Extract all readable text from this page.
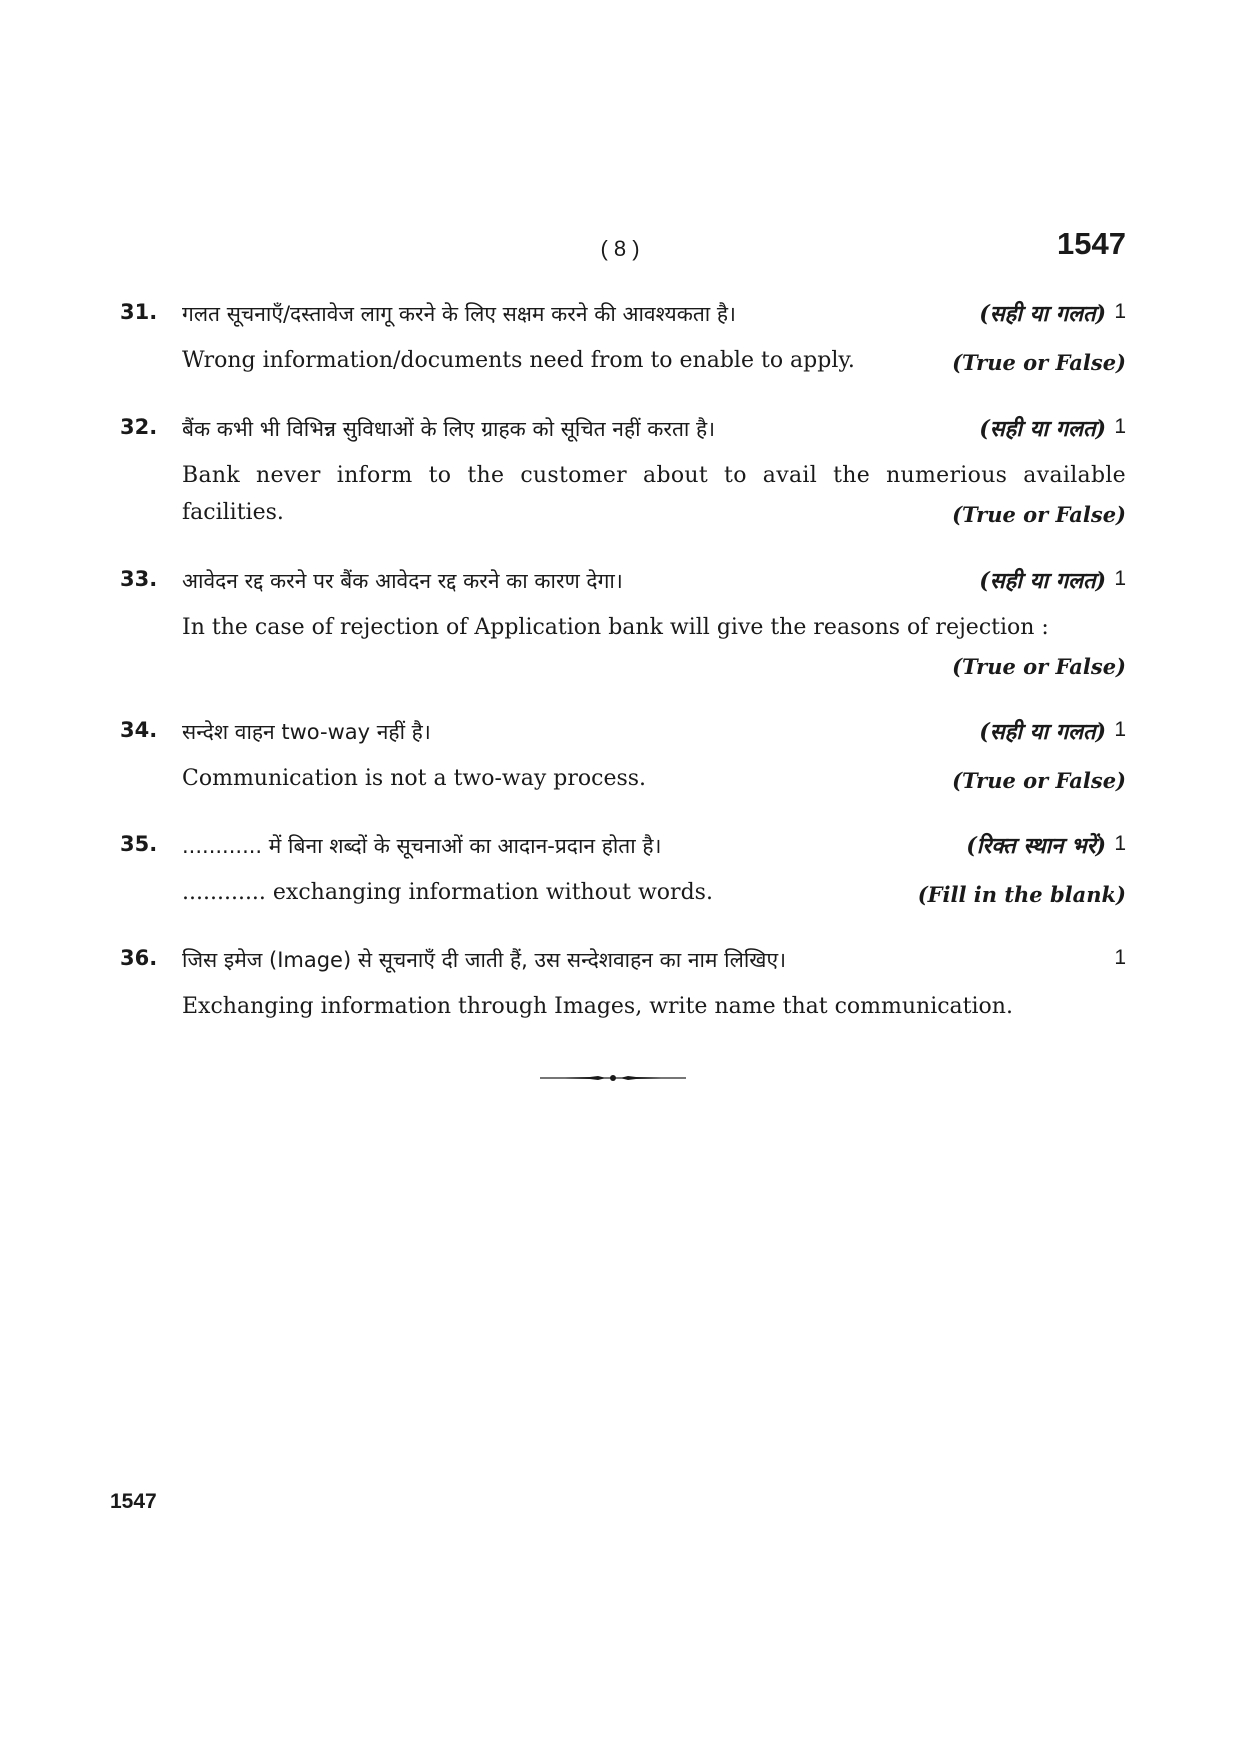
( 8 )	1547
31. गलत सूचनाएँ/दस्तावेज लागू करने के लिए सक्षम करने की आवश्यकता है।	(सही या गलत) 1
Wrong information/documents need from to enable to apply.	(True or False)
32. बैंक कभी भी विभिन्न सुविधाओं के लिए ग्राहक को सूचित नहीं करता है।	(सही या गलत) 1
Bank never inform to the customer about to avail the numerious available
facilities.	(True or False)
33. आवेदन रद्द करने पर बैंक आवेदन रद्द करने का कारण देगा।	(सही या गलत) 1
In the case of rejection of Application bank will give the reasons of rejection :
(True or False)
34. सन्देश वाहन two-way नहीं है।	(सही या गलत) 1
Communication is not a two-way process.	(True or False)
35. ............ में बिना शब्दों के सूचनाओं का आदान-प्रदान होता है।	(रिक्त स्थान भरें) 1
............ exchanging information without words.	(Fill in the blank)
36. जिस इमेज (Image) से सूचनाएँ दी जाती हैं, उस सन्देशवाहन का नाम लिखिए।	1
Exchanging information through Images, write name that communication.
1547
